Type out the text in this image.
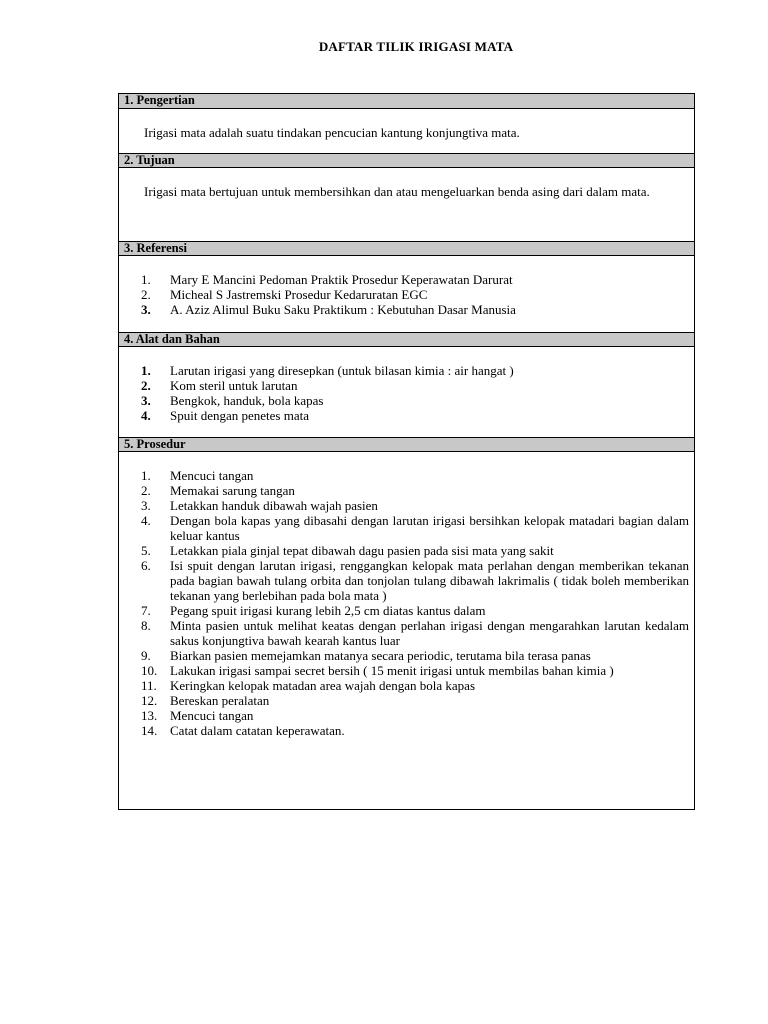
DAFTAR TILIK IRIGASI MATA
1. Pengertian
Irigasi mata adalah suatu tindakan pencucian kantung konjungtiva mata.
2. Tujuan
Irigasi mata bertujuan untuk membersihkan dan atau mengeluarkan benda asing dari dalam mata.
3. Referensi
1.	Mary E Mancini Pedoman Praktik Prosedur Keperawatan Darurat
2.	Micheal S Jastremski Prosedur Kedaruratan EGC
3.	A. Aziz Alimul Buku Saku Praktikum : Kebutuhan Dasar Manusia
4. Alat dan Bahan
1.	Larutan irigasi yang diresepkan (untuk bilasan kimia : air hangat )
2.	Kom steril untuk larutan
3.	Bengkok, handuk, bola kapas
4.	Spuit dengan penetes mata
5. Prosedur
1.	Mencuci tangan
2.	Memakai sarung tangan
3.	Letakkan handuk dibawah wajah pasien
4.	Dengan bola kapas yang dibasahi dengan larutan irigasi bersihkan kelopak matadari bagian dalam keluar kantus
5.	Letakkan piala ginjal tepat dibawah dagu pasien pada sisi mata yang sakit
6.	Isi spuit dengan larutan irigasi, renggangkan kelopak mata perlahan dengan memberikan tekanan pada bagian bawah tulang orbita dan tonjolan tulang dibawah lakrimalis ( tidak boleh memberikan tekanan yang berlebihan pada bola mata )
7.	Pegang spuit irigasi kurang lebih 2,5 cm diatas kantus dalam
8.	Minta pasien untuk melihat keatas dengan perlahan irigasi dengan mengarahkan larutan kedalam sakus konjungtiva bawah kearah kantus luar
9.	Biarkan pasien memejamkan matanya secara periodic, terutama bila terasa panas
10. Lakukan irigasi sampai secret bersih ( 15 menit irigasi untuk membilas bahan kimia )
11.	Keringkan kelopak matadan area wajah dengan bola kapas
12. Bereskan peralatan
13. Mencuci tangan
14. Catat dalam catatan keperawatan.
